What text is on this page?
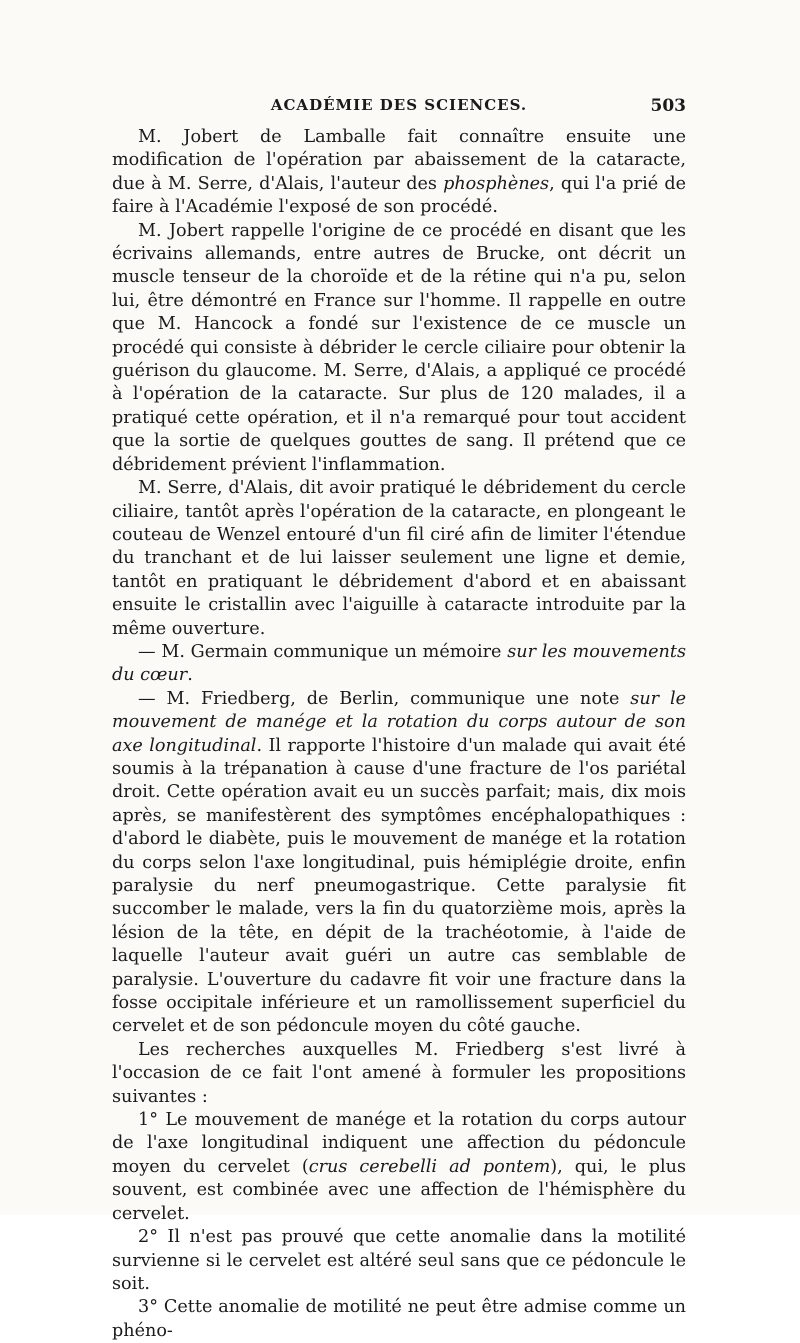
ACADÉMIE DES SCIENCES.	503

M. Jobert de Lamballe fait connaître ensuite une modification de l'opération par abaissement de la cataracte, due à M. Serre, d'Alais, l'auteur des phosphènes, qui l'a prié de faire à l'Académie l'exposé de son procédé.

M. Jobert rappelle l'origine de ce procédé en disant que les écrivains allemands, entre autres de Brucke, ont décrit un muscle tenseur de la choroïde et de la rétine qui n'a pu, selon lui, être démontré en France sur l'homme. Il rappelle en outre que M. Hancock a fondé sur l'existence de ce muscle un procédé qui consiste à débrider le cercle ciliaire pour obtenir la guérison du glaucome. M. Serre, d'Alais, a appliqué ce procédé à l'opération de la cataracte. Sur plus de 120 malades, il a pratiqué cette opération, et il n'a remarqué pour tout accident que la sortie de quelques gouttes de sang. Il prétend que ce débridement prévient l'inflammation.

M. Serre, d'Alais, dit avoir pratiqué le débridement du cercle ciliaire, tantôt après l'opération de la cataracte, en plongeant le couteau de Wenzel entouré d'un fil ciré afin de limiter l'étendue du tranchant et de lui laisser seulement une ligne et demie, tantôt en pratiquant le débridement d'abord et en abaissant ensuite le cristallin avec l'aiguille à cataracte introduite par la même ouverture.

— M. Germain communique un mémoire sur les mouvements du cœur.

— M. Friedberg, de Berlin, communique une note sur le mouvement de manége et la rotation du corps autour de son axe longitudinal. Il rapporte l'histoire d'un malade qui avait été soumis à la trépanation à cause d'une fracture de l'os pariétal droit. Cette opération avait eu un succès parfait; mais, dix mois après, se manifestèrent des symptômes encéphalopathiques : d'abord le diabète, puis le mouvement de manége et la rotation du corps selon l'axe longitudinal, puis hémiplégie droite, enfin paralysie du nerf pneumogastrique. Cette paralysie fit succomber le malade, vers la fin du quatorzième mois, après la lésion de la tête, en dépit de la trachéotomie, à l'aide de laquelle l'auteur avait guéri un autre cas semblable de paralysie. L'ouverture du cadavre fit voir une fracture dans la fosse occipitale inférieure et un ramollissement superficiel du cervelet et de son pédoncule moyen du côté gauche.

Les recherches auxquelles M. Friedberg s'est livré à l'occasion de ce fait l'ont amené à formuler les propositions suivantes :

1° Le mouvement de manége et la rotation du corps autour de l'axe longitudinal indiquent une affection du pédoncule moyen du cervelet (crus cerebelli ad pontem), qui, le plus souvent, est combinée avec une affection de l'hémisphère du cervelet.

2° Il n'est pas prouvé que cette anomalie dans la motilité survienne si le cervelet est altéré seul sans que ce pédoncule le soit.

3° Cette anomalie de motilité ne peut être admise comme un phéno-
